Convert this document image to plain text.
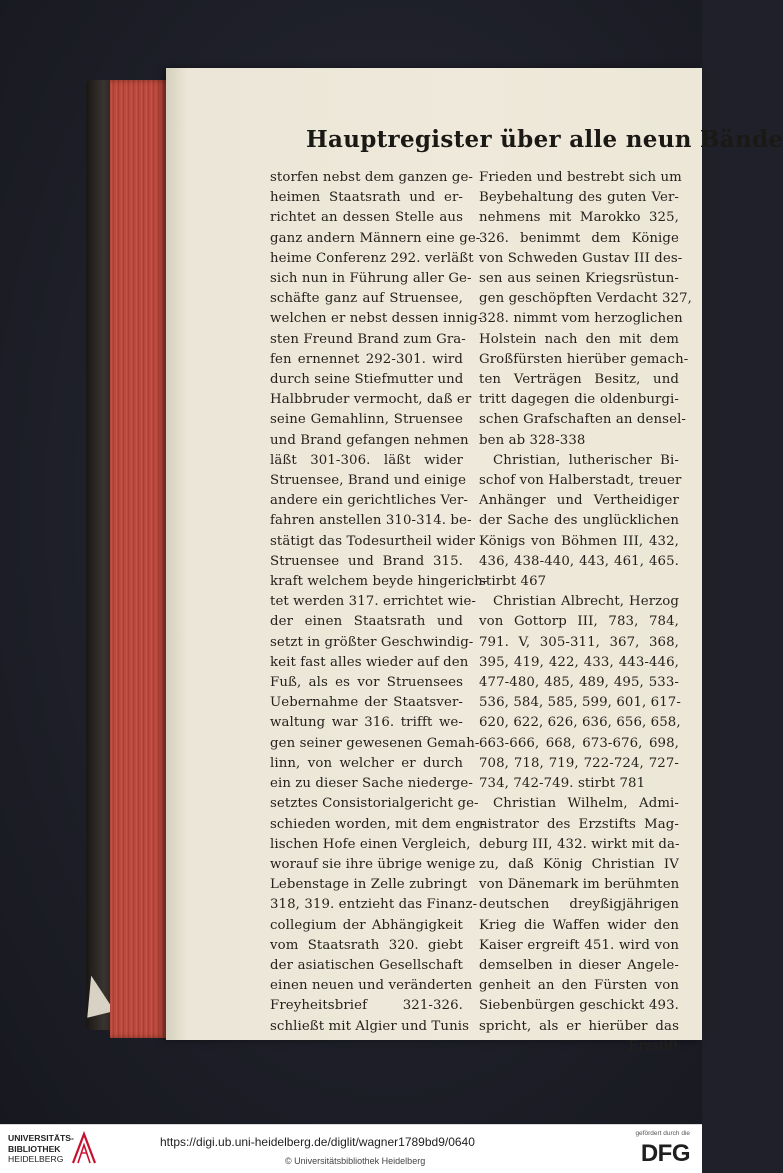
Hauptregister über alle neun Bände
storfen nebst dem ganzen ge-
heimen Staatsrath und er-
richtet an dessen Stelle aus
ganz andern Männern eine ge-
heime Conferenz 292. verläßt
sich nun in Führung aller Ge-
schäfte ganz auf Struensee,
welchen er nebst dessen innig-
sten Freund Brand zum Gra-
fen ernennet 292-301. wird
durch seine Stiefmutter und
Halbbruder vermocht, daß er
seine Gemahlinn, Struensee
und Brand gefangen nehmen
läßt 301-306. läßt wider
Struensee, Brand und einige
andere ein gerichtliches Ver-
fahren anstellen 310-314. be-
stätigt das Todesurtheil wider
Struensee und Brand 315.
kraft welchem beyde hingerich-
tet werden 317. errichtet wie-
der einen Staatsrath und
setzt in größter Geschwindig-
keit fast alles wieder auf den
Fuß, als es vor Struensees
Uebernahme der Staatsver-
waltung war 316. trifft we-
gen seiner gewesenen Gemah-
linn, von welcher er durch
ein zu dieser Sache niederge-
setztes Consistorialgericht ge-
schieden worden, mit dem eng-
lischen Hofe einen Vergleich,
worauf sie ihre übrige wenige
Lebenstage in Zelle zubringt
318, 319. entzieht das Finanz-
collegium der Abhängigkeit
vom Staatsrath 320. giebt
der asiatischen Gesellschaft
einen neuen und veränderten
Freyheitsbrief 321-326.
schließt mit Algier und Tunis
Frieden und bestrebt sich um
Beybehaltung des guten Ver-
nehmens mit Marokko 325,
326. benimmt dem Könige
von Schweden Gustav III des-
sen aus seinen Kriegsrüstun-
gen geschöpften Verdacht 327,
328. nimmt vom herzoglichen
Holstein nach den mit dem
Großfürsten hierüber gemach-
ten Verträgen Besitz, und
tritt dagegen die oldenburgi-
schen Grafschaften an densel-
ben ab 328-338
Christian, lutherischer Bi-
schof von Halberstadt, treuer
Anhänger und Vertheidiger
der Sache des unglücklichen
Königs von Böhmen III, 432,
436, 438-440, 443, 461, 465.
stirbt 467
Christian Albrecht, Herzog
von Gottorp III, 783, 784,
791. V, 305-311, 367, 368,
395, 419, 422, 433, 443-446,
477-480, 485, 489, 495, 533-
536, 584, 585, 599, 601, 617-
620, 622, 626, 636, 656, 658,
663-666, 668, 673-676, 698,
708, 718, 719, 722-724, 727-
734, 742-749. stirbt 781
Christian Wilhelm, Admi-
nistrator des Erzstifts Mag-
deburg III, 432. wirkt mit da-
zu, daß König Christian IV
von Dänemark im berühmten
deutschen dreyßigjährigen
Krieg die Waffen wider den
Kaiser ergreift 451. wird von
demselben in dieser Angele-
genheit an den Fürsten von
Siebenbürgen geschickt 493.
spricht, als er hierüber das
Erzstift
UNIVERSITÄTS-
BIBLIOTHEK
HEIDELBERG
https://digi.ub.uni-heidelberg.de/diglit/wagner1789bd9/0640
© Universitätsbibliothek Heidelberg
gefördert durch die
DFG
